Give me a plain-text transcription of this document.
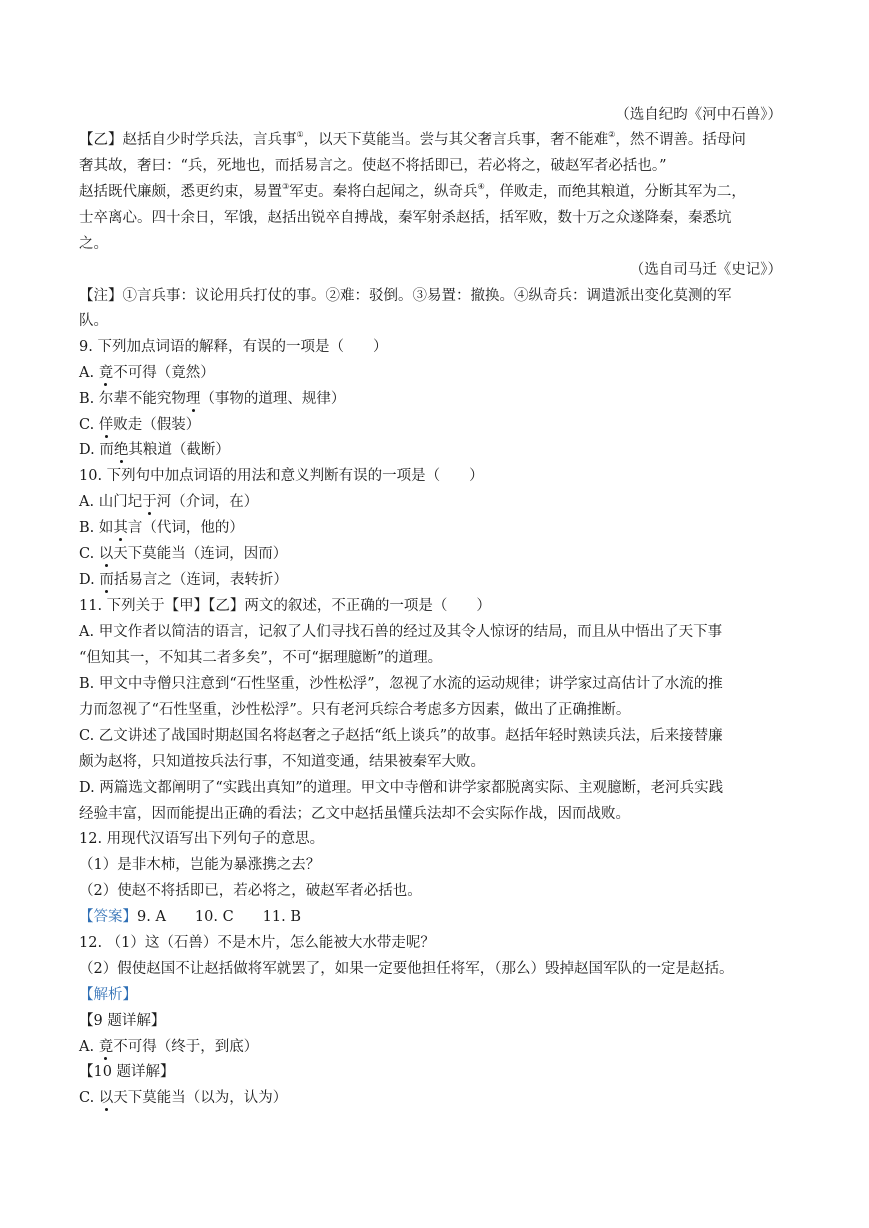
（选自纪昀《河中石兽》）
【乙】赵括自少时学兵法，言兵事①，以天下莫能当。尝与其父奢言兵事，奢不能难②，然不谓善。括母问
奢其故，奢曰：“兵，死地也，而括易言之。使赵不将括即已，若必将之，破赵军者必括也。”
赵括既代廉颇，悉更约束，易置③军吏。秦将白起闻之，纵奇兵④，佯败走，而绝其粮道，分断其军为二，
士卒离心。四十余日，军饿，赵括出锐卒自搏战，秦军射杀赵括，括军败，数十万之众遂降秦，秦悉坑
之。
（选自司马迁《史记》）
【注】①言兵事：议论用兵打仗的事。②难：驳倒。③易置：撤换。④纵奇兵：调遣派出变化莫测的军
队。
9. 下列加点词语的解释，有误的一项是（　　）
A. 竟不可得（竟然）
B. 尔辈不能究物理（事物的道理、规律）
C. 佯败走（假装）
D. 而绝其粮道（截断）
10. 下列句中加点词语的用法和意义判断有误的一项是（　　）
A. 山门圮于河（介词，在）
B. 如其言（代词，他的）
C. 以天下莫能当（连词，因而）
D. 而括易言之（连词，表转折）
11. 下列关于【甲】【乙】两文的叙述，不正确的一项是（　　）
A. 甲文作者以简洁的语言，记叙了人们寻找石兽的经过及其令人惊讶的结局，而且从中悟出了天下事
“但知其一，不知其二者多矣”，不可“据理臆断”的道理。
B. 甲文中寺僧只注意到“石性坚重，沙性松浮”，忽视了水流的运动规律；讲学家过高估计了水流的推
力而忽视了“石性坚重，沙性松浮”。只有老河兵综合考虑多方因素，做出了正确推断。
C. 乙文讲述了战国时期赵国名将赵奢之子赵括“纸上谈兵”的故事。赵括年轻时熟读兵法，后来接替廉
颇为赵将，只知道按兵法行事，不知道变通，结果被秦军大败。
D. 两篇选文都阐明了“实践出真知”的道理。甲文中寺僧和讲学家都脱离实际、主观臆断，老河兵实践
经验丰富，因而能提出正确的看法；乙文中赵括虽懂兵法却不会实际作战，因而战败。
12. 用现代汉语写出下列句子的意思。
（1）是非木柿，岂能为暴涨携之去？
（2）使赵不将括即已，若必将之，破赵军者必括也。
【答案】9. A　　10. C　　11. B
12. （1）这（石兽）不是木片，怎么能被大水带走呢？
（2）假使赵国不让赵括做将军就罢了，如果一定要他担任将军，（那么）毁掉赵国军队的一定是赵括。
【解析】
【9 题详解】
A. 竟不可得（终于，到底）
【10 题详解】
C. 以天下莫能当（以为，认为）
